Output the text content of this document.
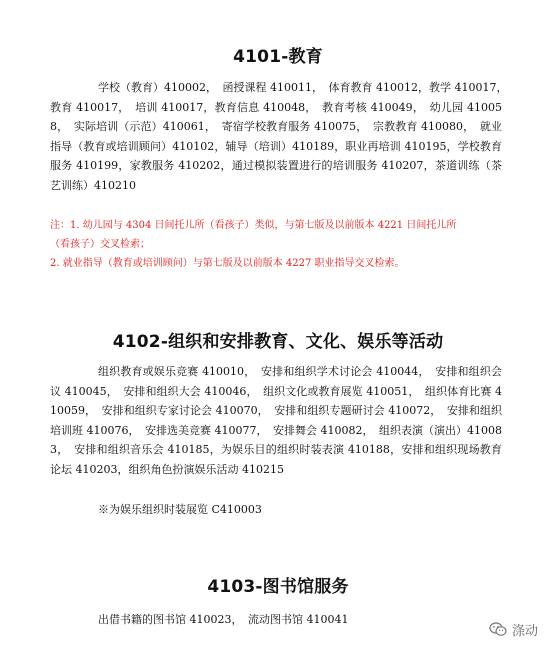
4101-教育
学校（教育）410002，　函授课程 410011，　体育教育 410012，教学 410017，　教育 410017，　培训 410017，教育信息 410048，　教育考核 410049，　幼儿园 410058，　实际培训（示范）410061，　寄宿学校教育服务 410075，　宗教教育 410080，　就业指导（教育或培训顾问）410102，辅导（培训）410189，职业再培训 410195，学校教育服务 410199，家教服务 410202，通过模拟装置进行的培训服务 410207，茶道训练（茶艺训练）410210
注：1. 幼儿园与 4304 日间托儿所（看孩子）类似，与第七版及以前版本 4221 日间托儿所
（看孩子）交叉检索；
2. 就业指导（教育或培训顾问）与第七版及以前版本 4227 职业指导交叉检索。
4102-组织和安排教育、文化、娱乐等活动
组织教育或娱乐竞赛 410010，　安排和组织学术讨论会 410044，　安排和组织会议 410045，　安排和组织大会 410046，　组织文化或教育展览 410051，　组织体育比赛 410059，　安排和组织专家讨论会 410070，　安排和组织专题研讨会 410072，　安排和组织培训班 410076，　安排选美竞赛 410077，　安排舞会 410082，　组织表演（演出）410083，　安排和组织音乐会 410185，为娱乐目的组织时装表演 410188，安排和组织现场教育论坛 410203，组织角色扮演娱乐活动 410215
※为娱乐组织时装展览 C410003
4103-图书馆服务
出借书籍的图书馆 410023，　流动图书馆 410041
涤动
